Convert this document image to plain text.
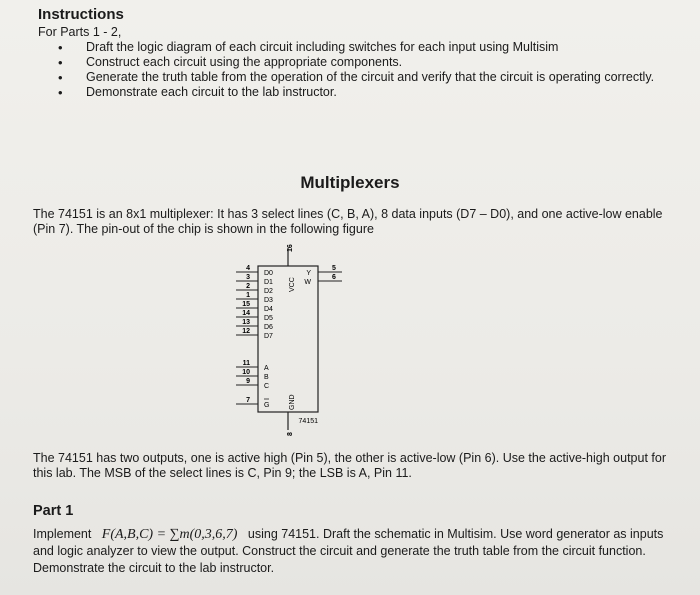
Instructions

For Parts 1 - 2,

• Draft the logic diagram of each circuit including switches for each input using Multisim
• Construct each circuit using the appropriate components.
• Generate the truth table from the operation of the circuit and verify that the circuit is operating correctly.
• Demonstrate each circuit to the lab instructor.

Multiplexers

The 74151 is an 8x1 multiplexer: It has 3 select lines (C, B, A), 8 data inputs (D7 – D0), and one active-low enable (Pin 7). The pin-out of the chip is shown in the following figure

16
VCC
8
GND
4
D0
3
D1
2
D2
1
D3
15
D4
14
D5
13
D6
12
D7
11
A
10
B
9
C
7
G
5
Y
6
W
74151

The 74151 has two outputs, one is active high (Pin 5), the other is active-low (Pin 6). Use the active-high output for this lab. The MSB of the select lines is C, Pin 9; the LSB is A, Pin 11.

Part 1

Implement F(A,B,C) = ∑m(0,3,6,7) using 74151. Draft the schematic in Multisim. Use word generator as inputs and logic analyzer to view the output. Construct the circuit and generate the truth table from the circuit function. Demonstrate the circuit to the lab instructor.
